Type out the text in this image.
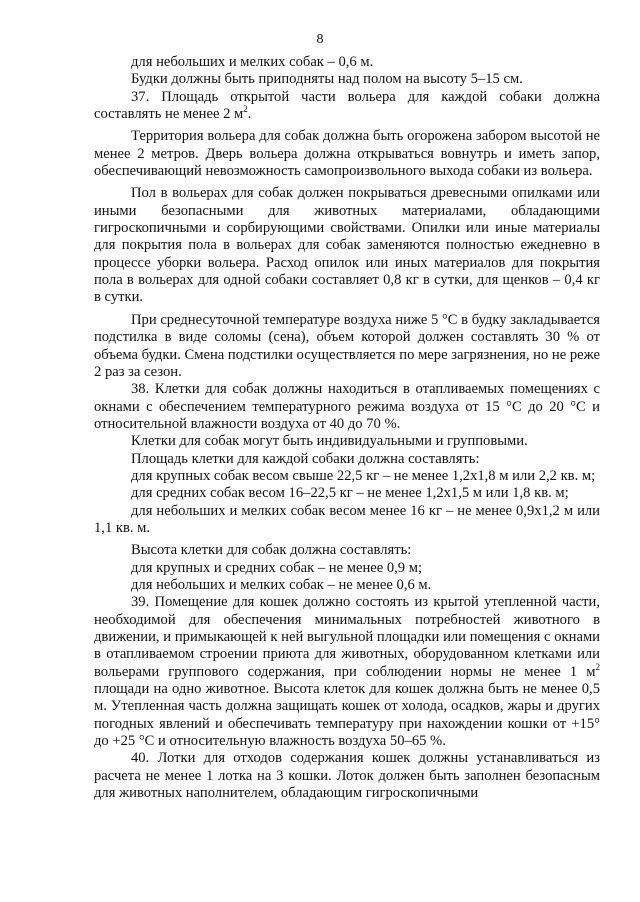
8

для небольших и мелких собак – 0,6 м.

Будки должны быть приподняты над полом на высоту 5–15 см.

37. Площадь открытой части вольера для каждой собаки должна составлять не менее 2 $м^2$.

Территория вольера для собак должна быть огорожена забором высотой не менее 2 метров. Дверь вольера должна открываться вовнутрь и иметь запор, обеспечивающий невозможность самопроизвольного выхода собаки из вольера.

Пол в вольерах для собак должен покрываться древесными опилками или иными безопасными для животных материалами, обладающими гигроскопичными и сорбирующими свойствами. Опилки или иные материалы для покрытия пола в вольерах для собак заменяются полностью ежедневно в процессе уборки вольера. Расход опилок или иных материалов для покрытия пола в вольерах для одной собаки составляет 0,8 кг в сутки, для щенков – 0,4 кг в сутки.

При среднесуточной температуре воздуха ниже 5 °С в будку закладывается подстилка в виде соломы (сена), объем которой должен составлять 30 % от объема будки. Смена подстилки осуществляется по мере загрязнения, но не реже 2 раз за сезон.

38. Клетки для собак должны находиться в отапливаемых помещениях с окнами с обеспечением температурного режима воздуха от 15 °С до 20 °С и относительной влажности воздуха от 40 до 70 %.

Клетки для собак могут быть индивидуальными и групповыми.

Площадь клетки для каждой собаки должна составлять:

для крупных собак весом свыше 22,5 кг – не менее 1,2х1,8 м или 2,2 кв. м;

для средних собак весом 16–22,5 кг – не менее 1,2х1,5 м или 1,8 кв. м;

для небольших и мелких собак весом менее 16 кг – не менее 0,9х1,2 м или 1,1 кв. м.

Высота клетки для собак должна составлять:

для крупных и средних собак – не менее 0,9 м;

для небольших и мелких собак – не менее 0,6 м.

39. Помещение для кошек должно состоять из крытой утепленной части, необходимой для обеспечения минимальных потребностей животного в движении, и примыкающей к ней выгульной площадки или помещения с окнами в отапливаемом строении приюта для животных, оборудованном клетками или вольерами группового содержания, при соблюдении нормы не менее 1 $м^2$ площади на одно животное. Высота клеток для кошек должна быть не менее 0,5 м. Утепленная часть должна защищать кошек от холода, осадков, жары и других погодных явлений и обеспечивать температуру при нахождении кошки от +15° до +25 °С и относительную влажность воздуха 50–65 %.

40. Лотки для отходов содержания кошек должны устанавливаться из расчета не менее 1 лотка на 3 кошки. Лоток должен быть заполнен безопасным для животных наполнителем, обладающим гигроскопичными
